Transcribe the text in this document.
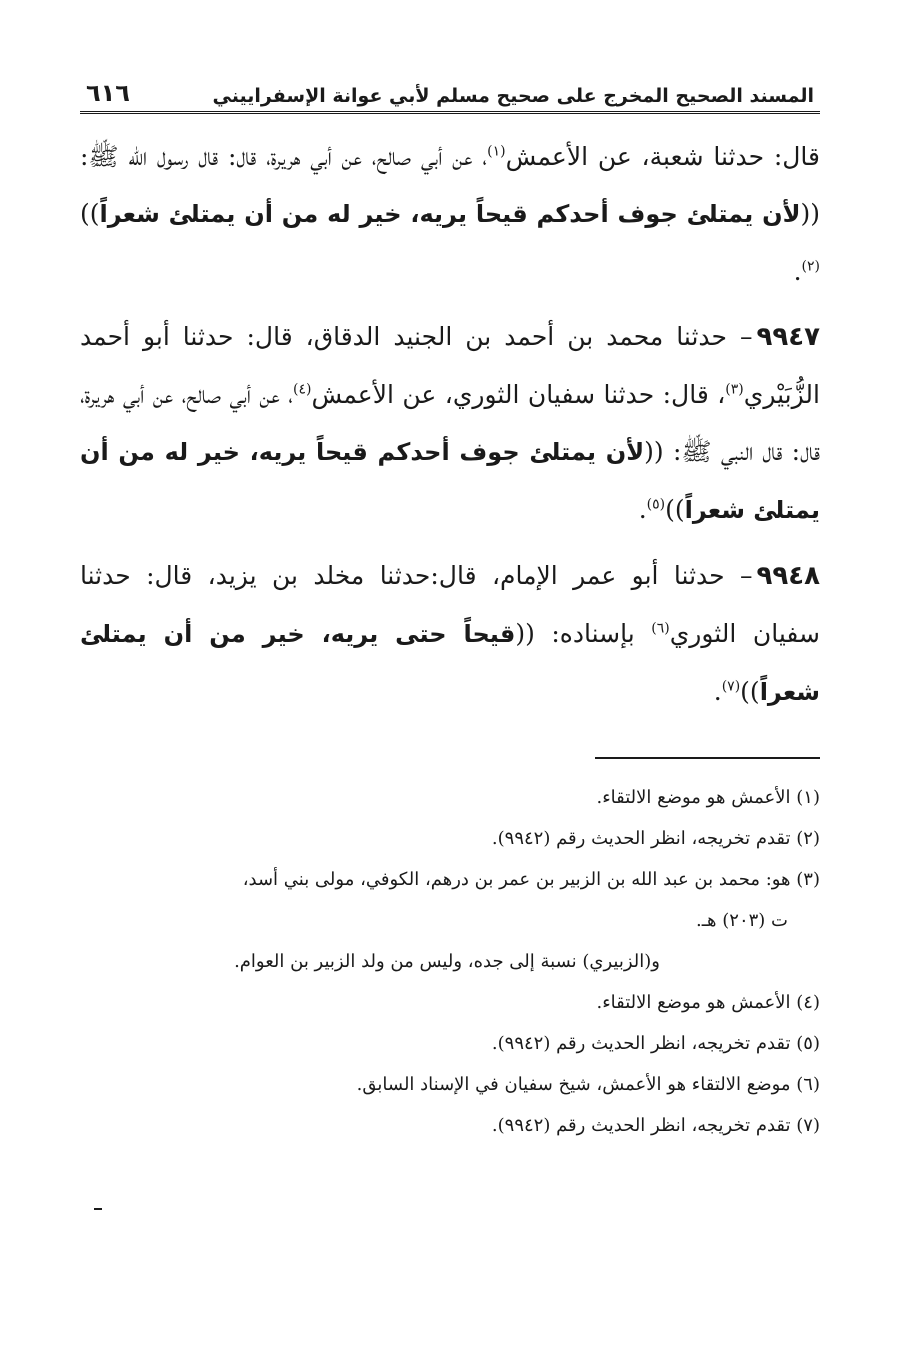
المسند الصحيح المخرج على صحيح مسلم لأبي عوانة الإسفراييني
٦١٦

قال: حدثنا شعبة، عن الأعمش$^{(١)}$، عن أبي صالح، عن أبي هريرة، قال: قال رسول الله ﷺ: ((لأن يمتلئ جوف أحدكم قيحاً يريه، خير له من أن يمتلئ شعراً))$^{(٢)}$.

٩٩٤٧– حدثنا محمد بن أحمد بن الجنيد الدقاق، قال: حدثنا أبو أحمد الزُّبَيْري$^{(٣)}$، قال: حدثنا سفيان الثوري، عن الأعمش$^{(٤)}$، عن أبي صالح، عن أبي هريرة، قال: قال النبي ﷺ: ((لأن يمتلئ جوف أحدكم قيحاً يريه، خير له من أن يمتلئ شعراً))$^{(٥)}$.

٩٩٤٨– حدثنا أبو عمر الإمام، قال:حدثنا مخلد بن يزيد، قال: حدثنا سفيان الثوري$^{(٦)}$ بإسناده: ((قيحاً حتى يريه، خير من أن يمتلئ شعراً))$^{(٧)}$.

(١) الأعمش هو موضع الالتقاء.

(٢) تقدم تخريجه، انظر الحديث رقم (٩٩٤٢).

(٣) هو: محمد بن عبد الله بن الزبير بن عمر بن درهم، الكوفي، مولى بني أسد،

ت (٢٠٣) هـ.

و(الزبيري) نسبة إلى جده، وليس من ولد الزبير بن العوام.

(٤) الأعمش هو موضع الالتقاء.

(٥) تقدم تخريجه، انظر الحديث رقم (٩٩٤٢).

(٦) موضع الالتقاء هو الأعمش، شيخ سفيان في الإسناد السابق.

(٧) تقدم تخريجه، انظر الحديث رقم (٩٩٤٢).
